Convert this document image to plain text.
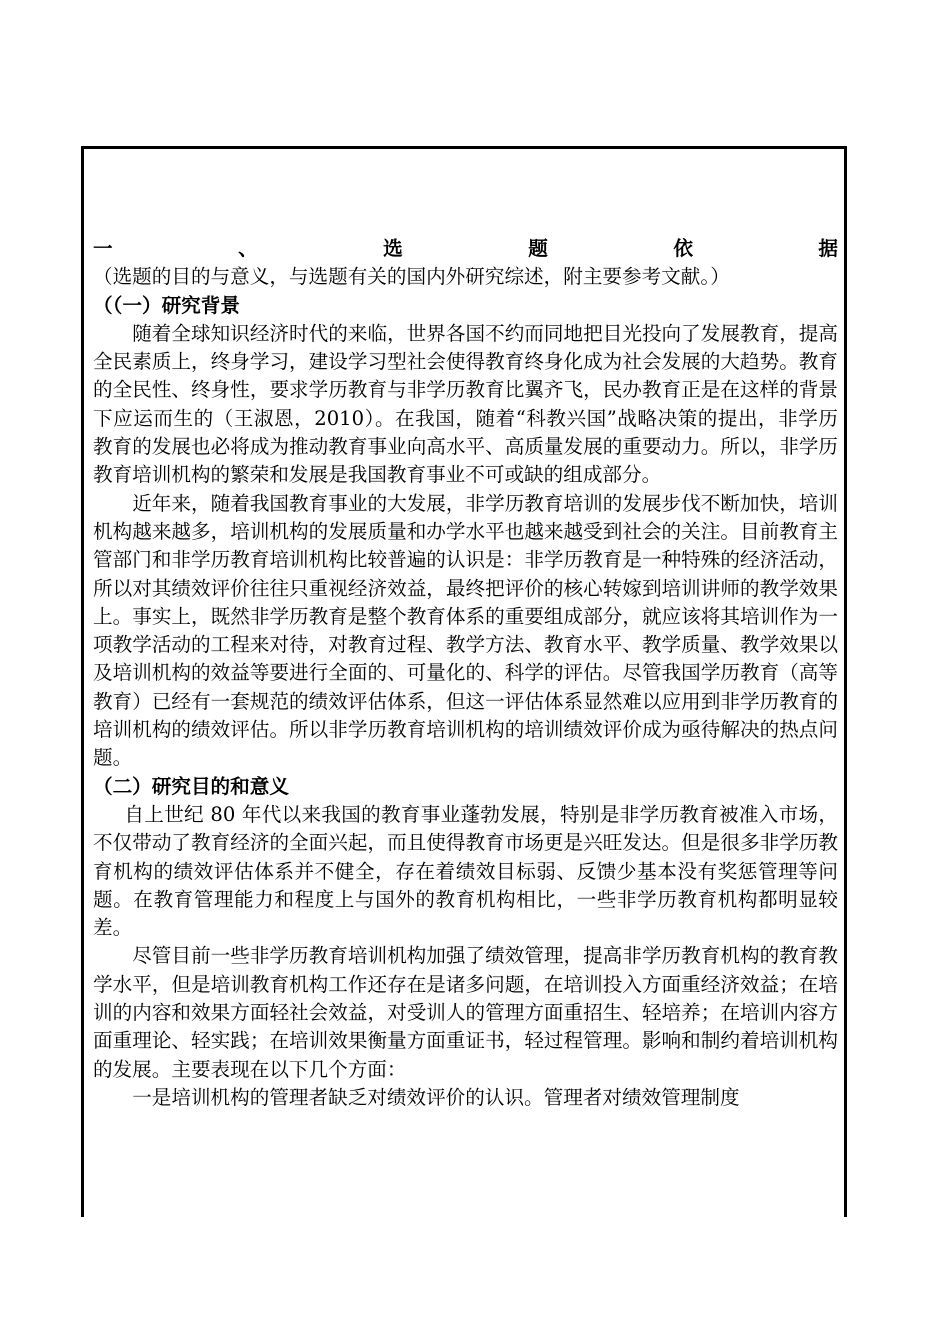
一、选题依据（选题的目的与意义，与选题有关的国内外研究综述，附主要参考文献。）

（（一）研究背景

随着全球知识经济时代的来临，世界各国不约而同地把目光投向了发展教育，提高全民素质上，终身学习，建设学习型社会使得教育终身化成为社会发展的大趋势。教育的全民性、终身性，要求学历教育与非学历教育比翼齐飞，民办教育正是在这样的背景下应运而生的（王淑恩，2010）。在我国，随着“科教兴国”战略决策的提出，非学历教育的发展也必将成为推动教育事业向高水平、高质量发展的重要动力。所以，非学历教育培训机构的繁荣和发展是我国教育事业不可或缺的组成部分。

近年来，随着我国教育事业的大发展，非学历教育培训的发展步伐不断加快，培训机构越来越多，培训机构的发展质量和办学水平也越来越受到社会的关注。目前教育主管部门和非学历教育培训机构比较普遍的认识是：非学历教育是一种特殊的经济活动，所以对其绩效评价往往只重视经济效益，最终把评价的核心转嫁到培训讲师的教学效果上。事实上，既然非学历教育是整个教育体系的重要组成部分，就应该将其培训作为一项教学活动的工程来对待，对教育过程、教学方法、教育水平、教学质量、教学效果以及培训机构的效益等要进行全面的、可量化的、科学的评估。尽管我国学历教育（高等教育）已经有一套规范的绩效评估体系，但这一评估体系显然难以应用到非学历教育的培训机构的绩效评估。所以非学历教育培训机构的培训绩效评价成为亟待解决的热点问题。

（二）研究目的和意义

自上世纪 80 年代以来我国的教育事业蓬勃发展，特别是非学历教育被准入市场，不仅带动了教育经济的全面兴起，而且使得教育市场更是兴旺发达。但是很多非学历教育机构的绩效评估体系并不健全，存在着绩效目标弱、反馈少基本没有奖惩管理等问题。在教育管理能力和程度上与国外的教育机构相比，一些非学历教育机构都明显较差。

尽管目前一些非学历教育培训机构加强了绩效管理，提高非学历教育机构的教育教学水平，但是培训教育机构工作还存在是诸多问题，在培训投入方面重经济效益；在培训的内容和效果方面轻社会效益，对受训人的管理方面重招生、轻培养；在培训内容方面重理论、轻实践；在培训效果衡量方面重证书，轻过程管理。影响和制约着培训机构的发展。主要表现在以下几个方面：

一是培训机构的管理者缺乏对绩效评价的认识。管理者对绩效管理制度
